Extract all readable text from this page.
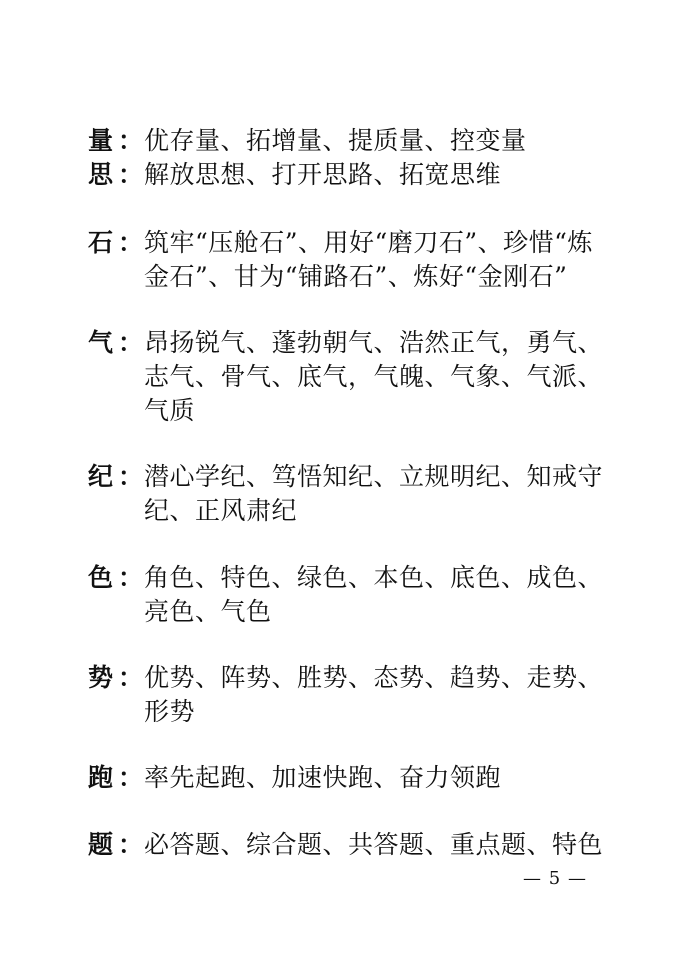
量 ： 优存量、拓增量、提质量、控变量
思 ： 解放思想、打开思路、拓宽思维
石 ： 筑牢“压舱石”、用好“磨刀石”、珍惜“炼
金石”、甘为“铺路石”、炼好“金刚石”
气 ： 昂扬锐气、蓬勃朝气、浩然正气，勇气、
志气、骨气、底气，气魄、气象、气派、
气质
纪 ： 潜心学纪、笃悟知纪、立规明纪、知戒守
纪、正风肃纪
色 ： 角色、特色、绿色、本色、底色、成色、
亮色、气色
势 ： 优势、阵势、胜势、态势、趋势、走势、
形势
跑 ： 率先起跑、加速快跑、奋力领跑
题 ： 必答题、综合题、共答题、重点题、特色
— 5 —
